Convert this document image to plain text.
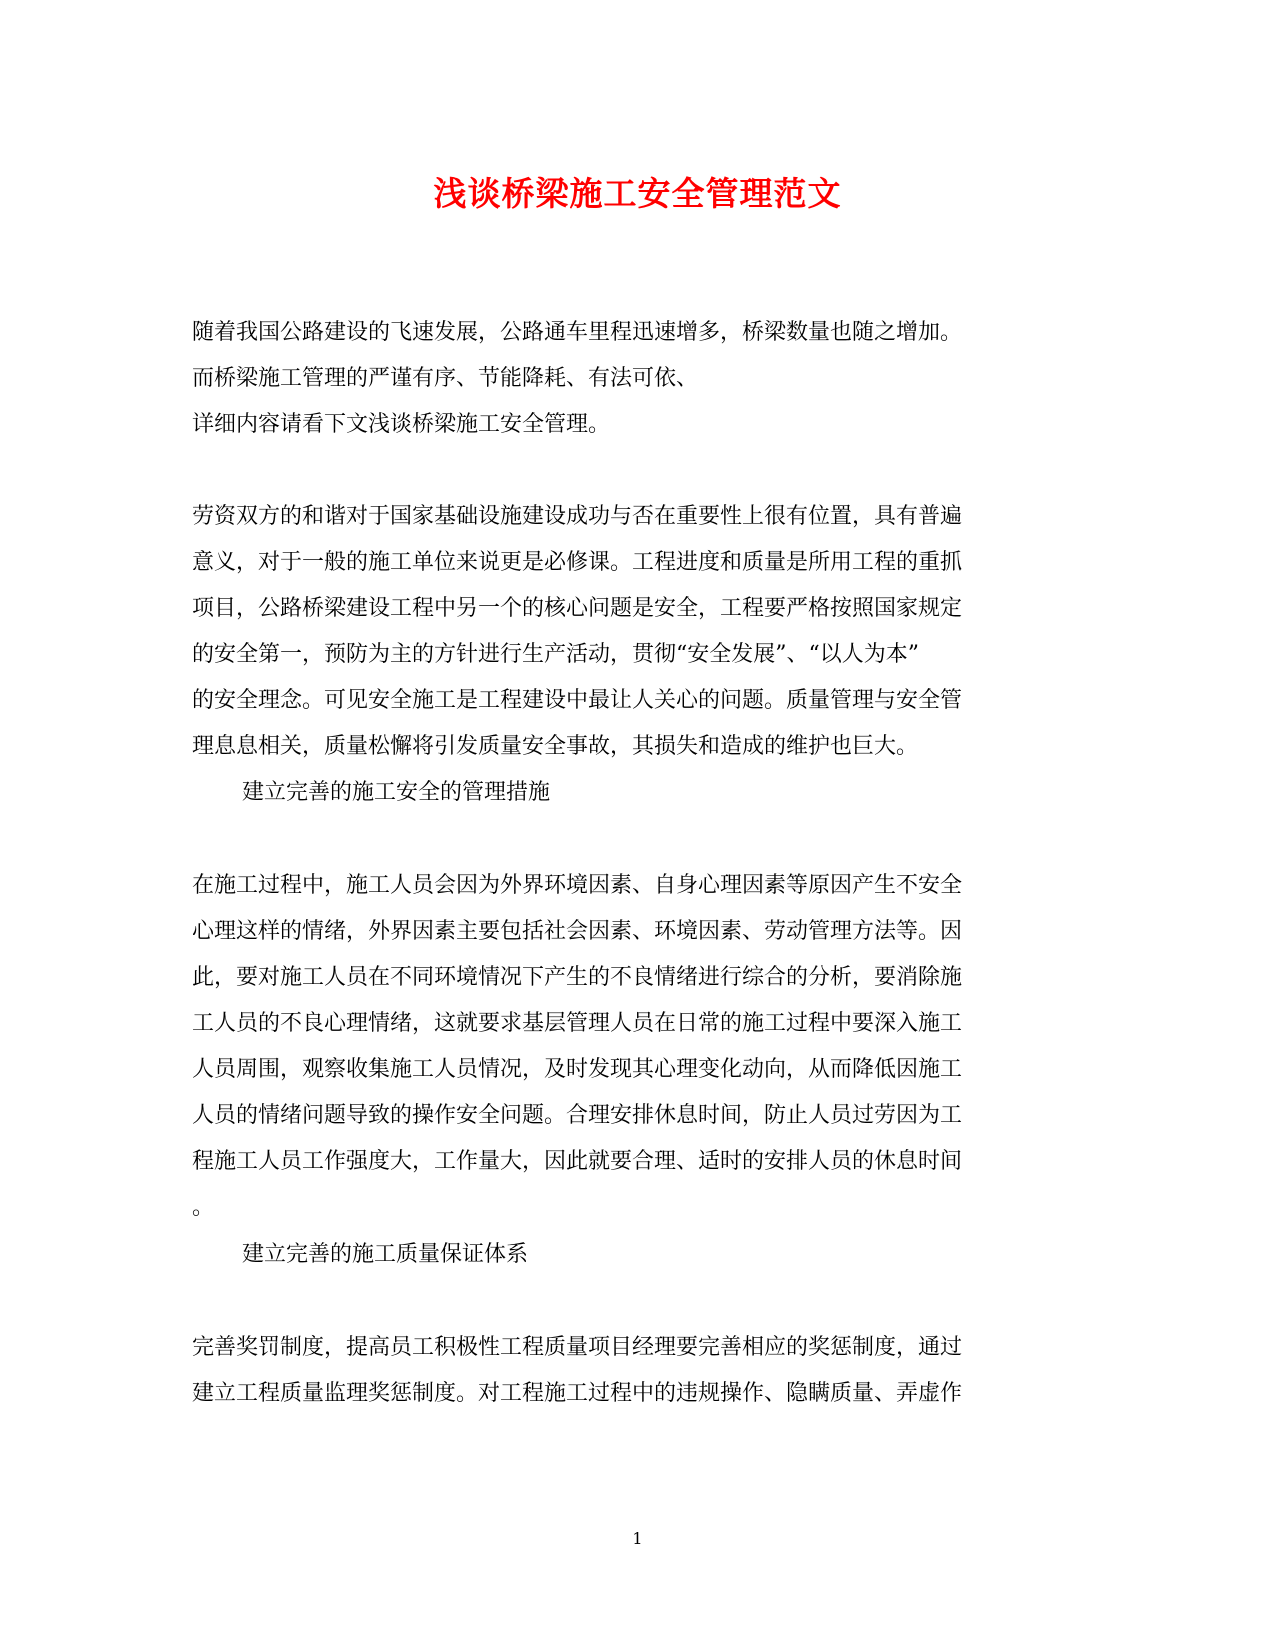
浅谈桥梁施工安全管理范文
随着我国公路建设的飞速发展，公路通车里程迅速增多，桥梁数量也随之增加。
而桥梁施工管理的严谨有序、节能降耗、有法可依、
详细内容请看下文浅谈桥梁施工安全管理。
劳资双方的和谐对于国家基础设施建设成功与否在重要性上很有位置，具有普遍
意义，对于一般的施工单位来说更是必修课。工程进度和质量是所用工程的重抓
项目，公路桥梁建设工程中另一个的核心问题是安全，工程要严格按照国家规定
的安全第一，预防为主的方针进行生产活动，贯彻“安全发展”、“以人为本”
的安全理念。可见安全施工是工程建设中最让人关心的问题。质量管理与安全管
理息息相关，质量松懈将引发质量安全事故，其损失和造成的维护也巨大。
建立完善的施工安全的管理措施
在施工过程中，施工人员会因为外界环境因素、自身心理因素等原因产生不安全
心理这样的情绪，外界因素主要包括社会因素、环境因素、劳动管理方法等。因
此，要对施工人员在不同环境情况下产生的不良情绪进行综合的分析，要消除施
工人员的不良心理情绪，这就要求基层管理人员在日常的施工过程中要深入施工
人员周围，观察收集施工人员情况，及时发现其心理变化动向，从而降低因施工
人员的情绪问题导致的操作安全问题。合理安排休息时间，防止人员过劳因为工
程施工人员工作强度大，工作量大，因此就要合理、适时的安排人员的休息时间
。
建立完善的施工质量保证体系
完善奖罚制度，提高员工积极性工程质量项目经理要完善相应的奖惩制度，通过
建立工程质量监理奖惩制度。对工程施工过程中的违规操作、隐瞒质量、弄虚作
1
